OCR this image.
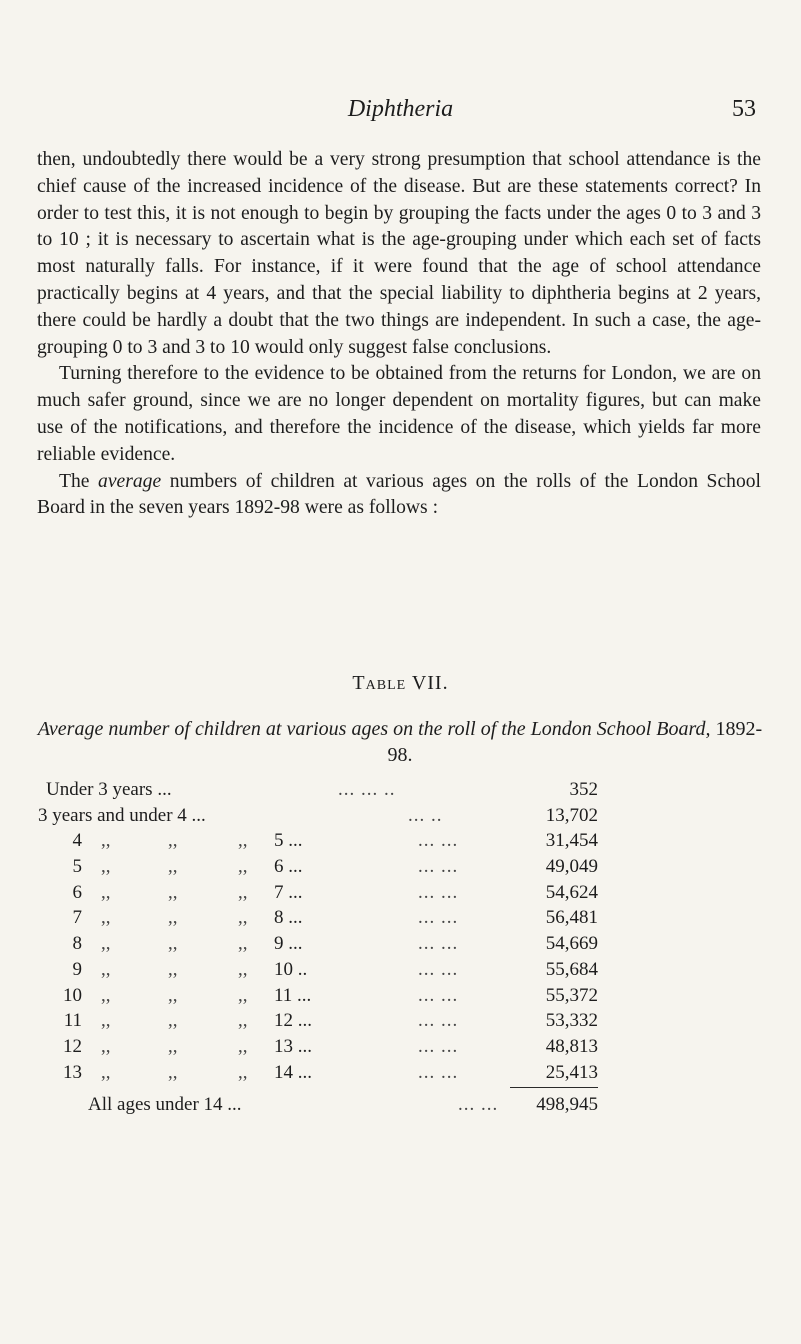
Diphtheria	53

then, undoubtedly there would be a very strong presumption that school attendance is the chief cause of the increased incidence of the disease. But are these statements correct? In order to test this, it is not enough to begin by grouping the facts under the ages 0 to 3 and 3 to 10 ; it is necessary to ascertain what is the age-grouping under which each set of facts most naturally falls. For instance, if it were found that the age of school attendance practically begins at 4 years, and that the special liability to diphtheria begins at 2 years, there could be hardly a doubt that the two things are independent. In such a case, the age-grouping 0 to 3 and 3 to 10 would only suggest false conclusions.

Turning therefore to the evidence to be obtained from the returns for London, we are on much safer ground, since we are no longer dependent on mortality figures, but can make use of the notifications, and therefore the incidence of the disease, which yields far more reliable evidence.

The average numbers of children at various ages on the rolls of the London School Board in the seven years 1892-98 were as follows :

Table VII.
Average number of children at various ages on the roll of the London School Board, 1892-98.
Under 3 years ...	... ... ..	352
3 years and under 4 ...	... ..	13,702
4 ,,	,,	,, 5 ...	... ...	31,454
5 ,,	,,	,, 6 ...	... ...	49,049
6 ,,	,,	,, 7 ...	... ...	54,624
7 ,,	,,	,, 8 ...	... ...	56,481
8 ,,	,,	,, 9 ...	... ...	54,669
9 ,,	,,	,, 10 ..	... ...	55,684
10 ,,	,,	,, 11 ...	... ...	55,372
11 ,,	,,	,, 12 ...	... ...	53,332
12 ,,	,,	,, 13 ...	... ...	48,813
13 ,,	,,	,, 14 ...	... ...	25,413
All ages under 14 ...	... ... 498,945
